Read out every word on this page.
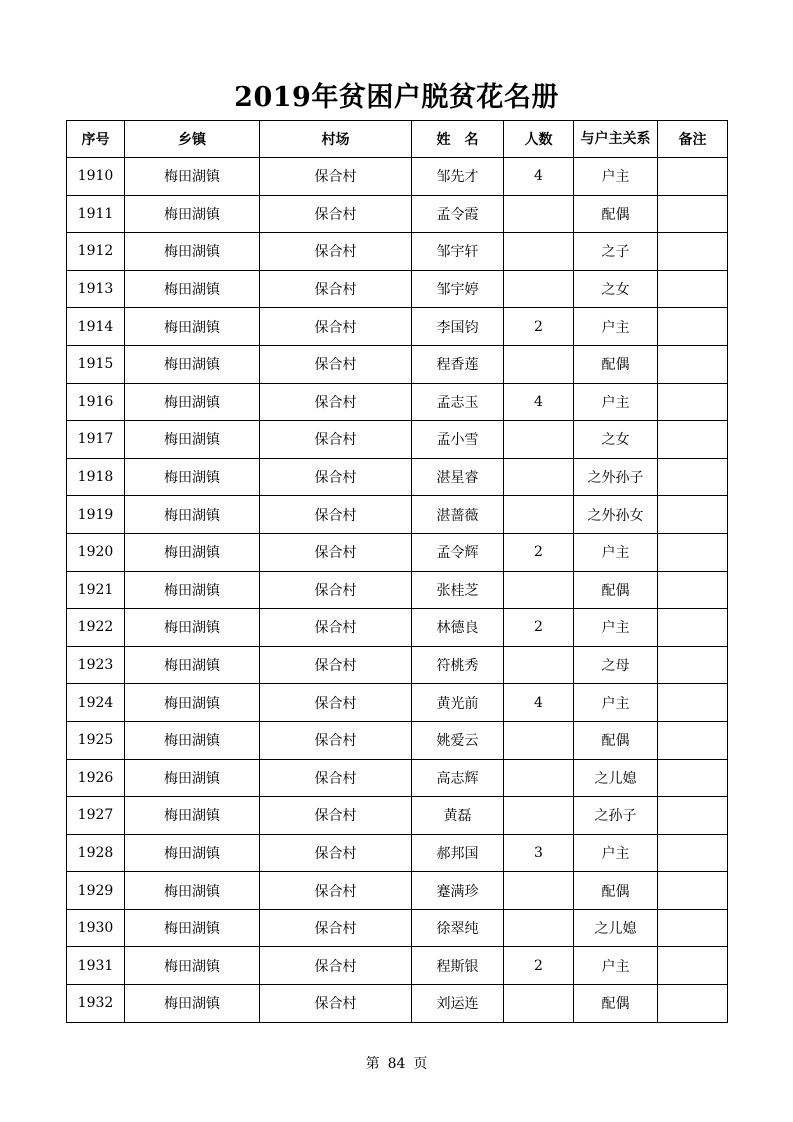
2019年贫困户脱贫花名册
序号	乡镇	村场	姓　名	人数	与户主关系	备注
1910	梅田湖镇	保合村	邹先才	4	户主	
1911	梅田湖镇	保合村	孟令霞		配偶	
1912	梅田湖镇	保合村	邹宇轩		之子	
1913	梅田湖镇	保合村	邹宇婷		之女	
1914	梅田湖镇	保合村	李国钧	2	户主	
1915	梅田湖镇	保合村	程香莲		配偶	
1916	梅田湖镇	保合村	孟志玉	4	户主	
1917	梅田湖镇	保合村	孟小雪		之女	
1918	梅田湖镇	保合村	湛星睿		之外孙子	
1919	梅田湖镇	保合村	湛蔷薇		之外孙女	
1920	梅田湖镇	保合村	孟令辉	2	户主	
1921	梅田湖镇	保合村	张桂芝		配偶	
1922	梅田湖镇	保合村	林德良	2	户主	
1923	梅田湖镇	保合村	符桃秀		之母	
1924	梅田湖镇	保合村	黄光前	4	户主	
1925	梅田湖镇	保合村	姚爱云		配偶	
1926	梅田湖镇	保合村	高志辉		之儿媳	
1927	梅田湖镇	保合村	黄磊		之孙子	
1928	梅田湖镇	保合村	郝邦国	3	户主	
1929	梅田湖镇	保合村	蹇满珍		配偶	
1930	梅田湖镇	保合村	徐翠纯		之儿媳	
1931	梅田湖镇	保合村	程斯银	2	户主	
1932	梅田湖镇	保合村	刘运连		配偶	
第 84 页
